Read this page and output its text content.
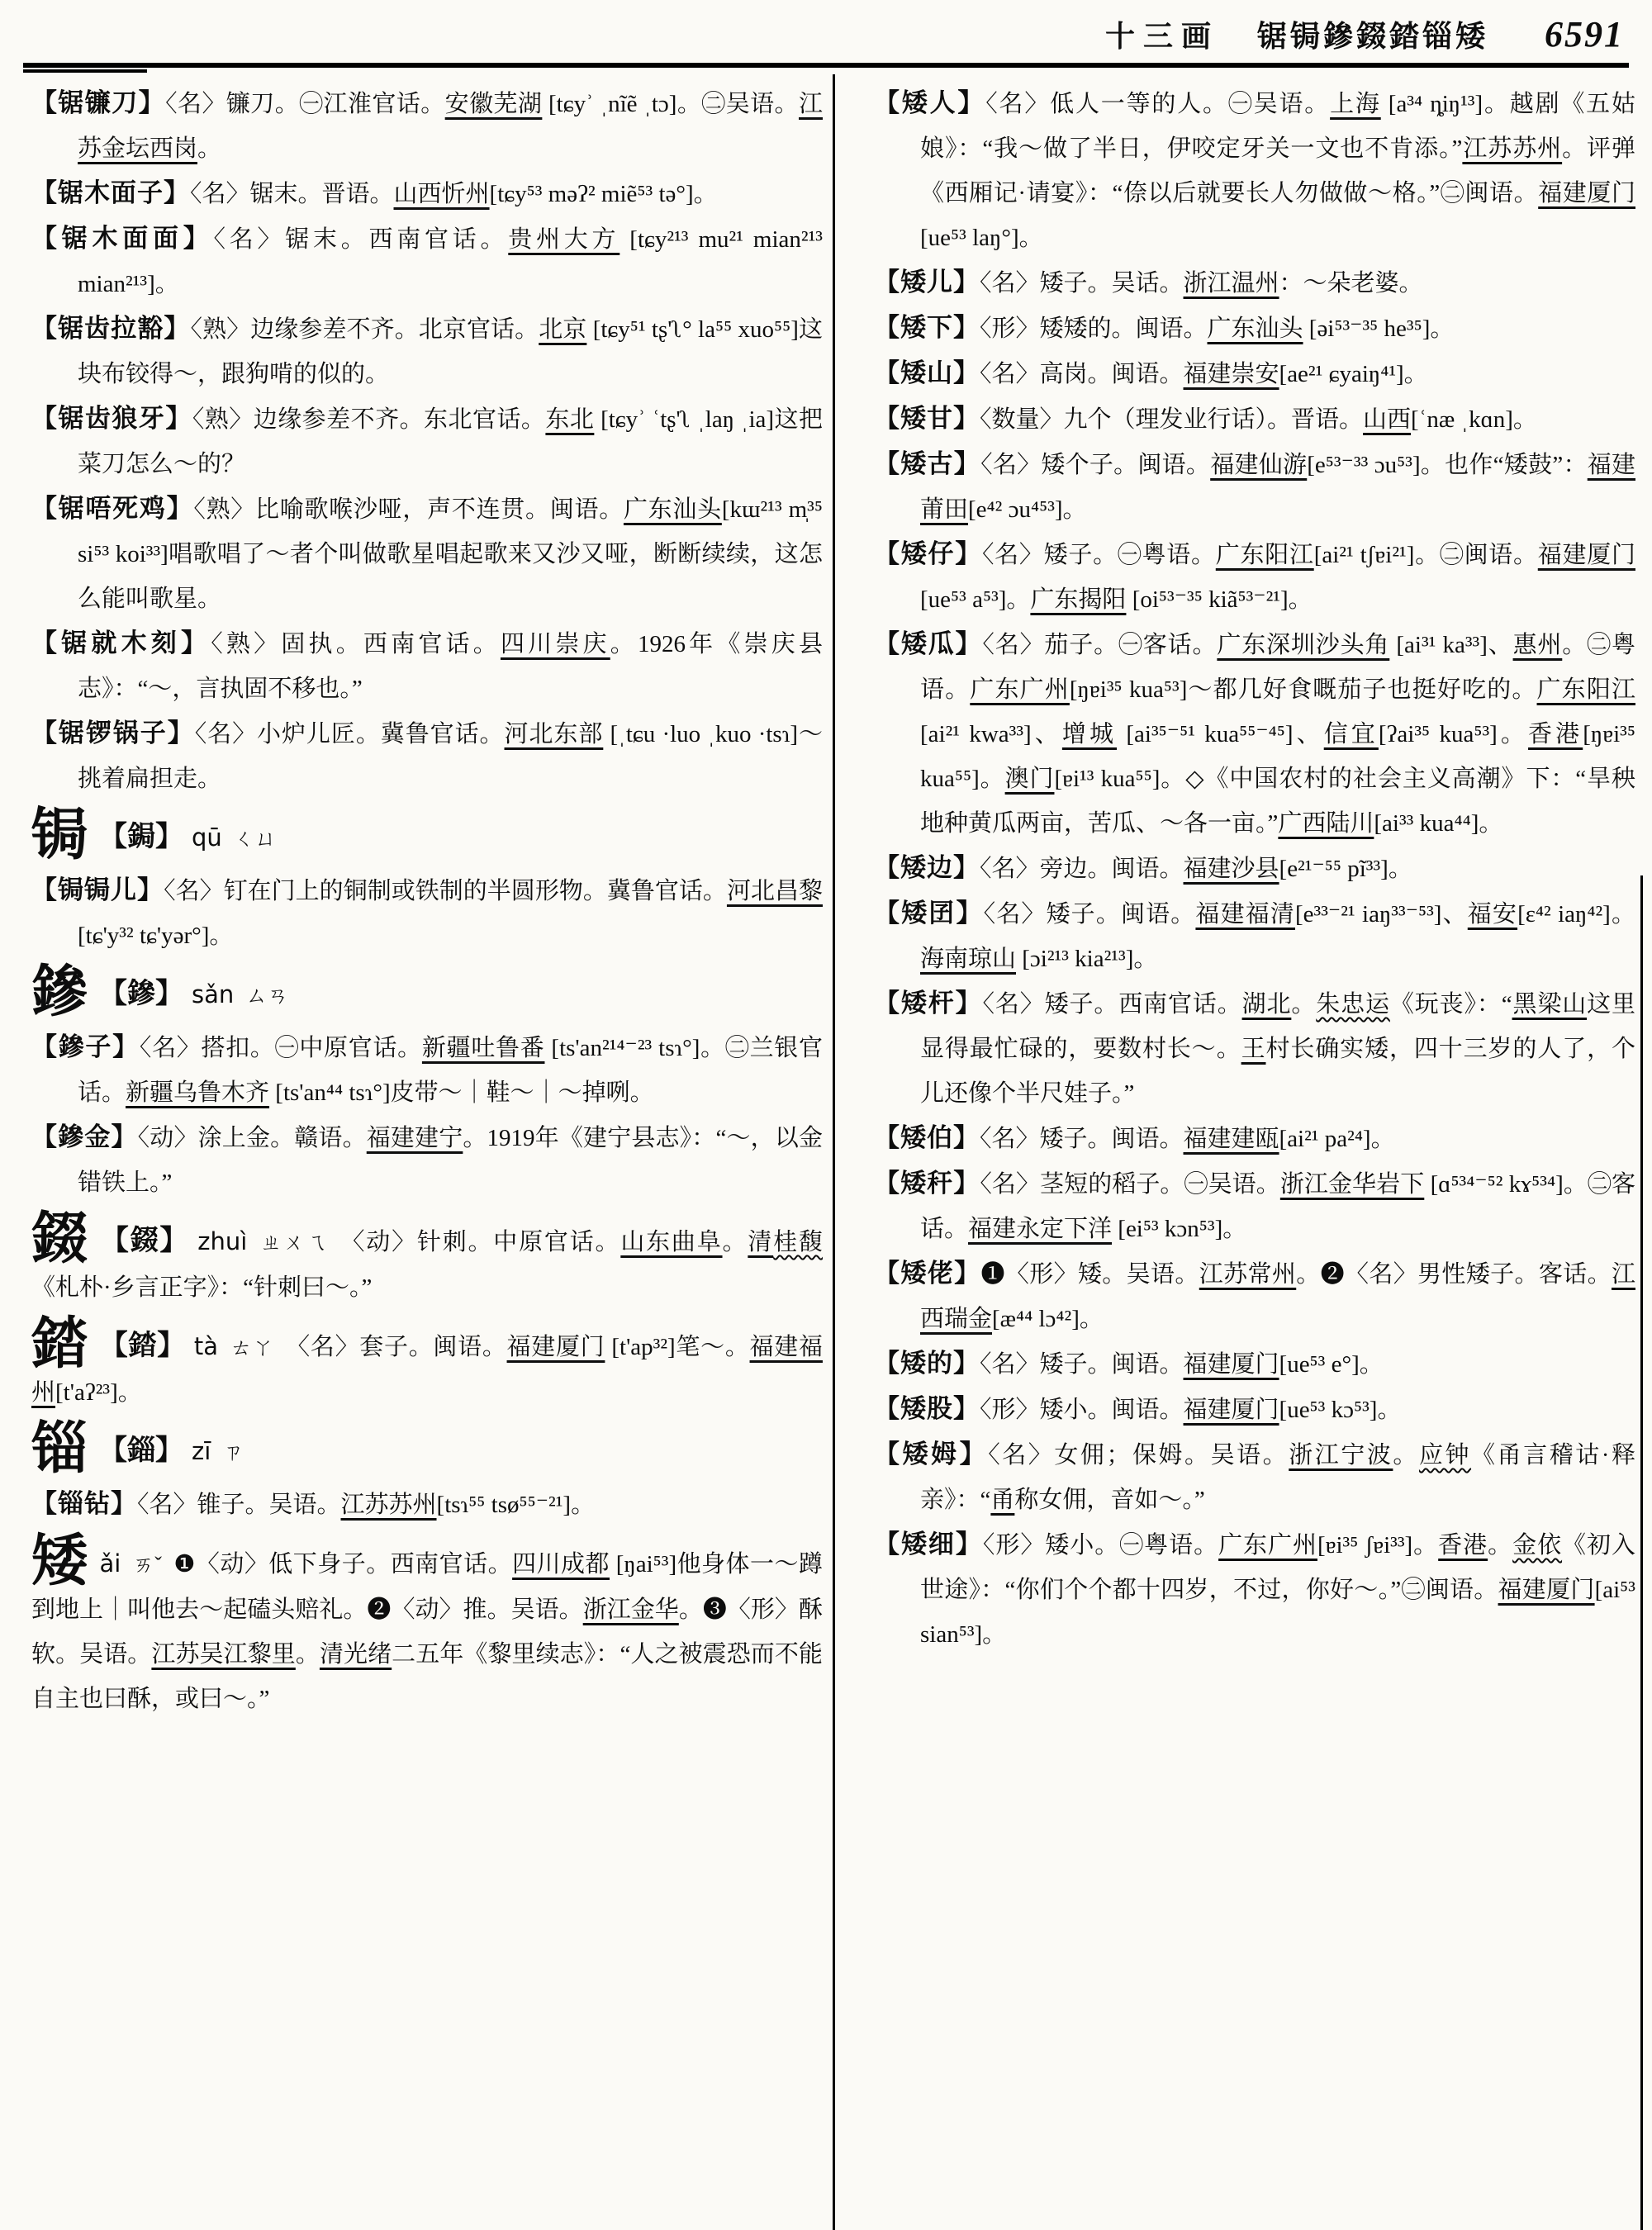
十三画 锯锔鏒錣錔锱矮 6591

【锯镰刀】〈名〉镰刀。㊀江淮官话。安徽芜湖 [tɕyʾ ˌnĩẽ ˌtɔ]。㊁吴语。江苏金坛西岗。

【锯木面子】〈名〉锯末。晋语。山西忻州[tɕy⁵³ məʔ² miẽ⁵³ tə°]。

【锯木面面】〈名〉锯末。西南官话。贵州大方 [tɕy²¹³ mu²¹ mian²¹³ mian²¹³]。

【锯齿拉豁】〈熟〉边缘参差不齐。北京官话。北京 [tɕy⁵¹ tʂ'ʅ° la⁵⁵ xuo⁵⁵]这块布铰得～，跟狗啃的似的。

【锯齿狼牙】〈熟〉边缘参差不齐。东北官话。东北 [tɕyʾ ʿtʂ'ʅ ˌlaŋ ˌia]这把菜刀怎么～的？

【锯唔死鸡】〈熟〉比喻歌喉沙哑，声不连贯。闽语。广东汕头[kɯ²¹³ m̩³⁵ si⁵³ koi³³]唱歌唱了～者个叫做歌星唱起歌来又沙又哑，断断续续，这怎么能叫歌星。

【锯就木刻】〈熟〉固执。西南官话。四川崇庆。1926年《崇庆县志》：“～，言执固不移也。”

【锯锣锅子】〈名〉小炉儿匠。冀鲁官话。河北东部 [ˌtɕu ·luo ˌkuo ·tsɿ]～挑着扁担走。

锔 【鋦】 qū ㄑㄩ

【锔锔儿】〈名〉钉在门上的铜制或铁制的半圆形物。冀鲁官话。河北昌黎[tɕ'y³² tɕ'yər°]。

鏒 【鏒】 sǎn ㄙㄢ

【鏒子】〈名〉搭扣。㊀中原官话。新疆吐鲁番 [ts'an²¹⁴⁻²³ tsɿ°]。㊁兰银官话。新疆乌鲁木齐 [ts'an⁴⁴ tsɿ°]皮带～｜鞋～｜～掉咧。

【鏒金】〈动〉涂上金。赣语。福建建宁。1919年《建宁县志》：“～，以金错铁上。”

錣 【錣】 zhuì ㄓㄨㄟ 〈动〉针刺。中原官话。山东曲阜。清桂馥《札朴·乡言正字》：“针刺曰～。”

錔 【錔】 tà ㄊㄚ 〈名〉套子。闽语。福建厦门 [t'ap³²]笔～。福建福州[t'aʔ²³]。

锱 【錙】 zī ㄗ

【锱钻】〈名〉锥子。吴语。江苏苏州[tsɿ⁵⁵ tsø⁵⁵⁻²¹]。

矮ǎi ㄞˇ ❶〈动〉低下身子。西南官话。四川成都 [ŋai⁵³]他身体一～蹲到地上｜叫他去～起磕头赔礼。❷〈动〉推。吴语。浙江金华。❸〈形〉酥软。吴语。江苏吴江黎里。清光绪二五年《黎里续志》：“人之被震恐而不能自主也曰酥，或曰～。”

【矮人】〈名〉低人一等的人。㊀吴语。上海 [a³⁴ ȵiŋ¹³]。越剧《五姑娘》：“我～做了半日，伊咬定牙关一文也不肯添。”江苏苏州。评弹《西厢记·请宴》：“倷以后就要长人勿做做～格。”㊁闽语。福建厦门 [ue⁵³ laŋ°]。

【矮儿】〈名〉矮子。吴话。浙江温州：～朵老婆。

【矮下】〈形〉矮矮的。闽语。广东汕头 [əi⁵³⁻³⁵ he³⁵]。

【矮山】〈名〉高岗。闽语。福建崇安[ae²¹ ɕyaiŋ⁴¹]。

【矮甘】〈数量〉九个（理发业行话）。晋语。山西[ʿnæ ˌkɑn]。

【矮古】〈名〉矮个子。闽语。福建仙游[e⁵³⁻³³ ɔu⁵³]。也作“矮鼓”：福建莆田[e⁴² ɔu⁴⁵³]。

【矮仔】〈名〉矮子。㊀粤语。广东阳江[ai²¹ tʃɐi²¹]。㊁闽语。福建厦门 [ue⁵³ a⁵³]。广东揭阳 [oi⁵³⁻³⁵ kiã⁵³⁻²¹]。

【矮瓜】〈名〉茄子。㊀客话。广东深圳沙头角 [ai³¹ ka³³]、惠州。㊁粤语。广东广州[ŋɐi³⁵ kua⁵³]～都几好食嘅茄子也挺好吃的。广东阳江[ai²¹ kwa³³]、增城 [ai³⁵⁻⁵¹ kua⁵⁵⁻⁴⁵]、信宜[ʔai³⁵ kua⁵³]。香港[ŋɐi³⁵ kua⁵⁵]。澳门[ɐi¹³ kua⁵⁵]。◇《中国农村的社会主义高潮》下：“旱秧地种黄瓜两亩，苦瓜、～各一亩。”广西陆川[ai³³ kua⁴⁴]。

【矮边】〈名〉旁边。闽语。福建沙县[e²¹⁻⁵⁵ pĩ³³]。

【矮囝】〈名〉矮子。闽语。福建福清[e³³⁻²¹ iaŋ³³⁻⁵³]、福安[ɛ⁴² iaŋ⁴²]。海南琼山 [ɔi²¹³ kia²¹³]。

【矮杆】〈名〉矮子。西南官话。湖北。朱忠运《玩丧》：“黑梁山这里显得最忙碌的，要数村长～。王村长确实矮，四十三岁的人了，个儿还像个半尺娃子。”

【矮伯】〈名〉矮子。闽语。福建建瓯[ai²¹ pa²⁴]。

【矮秆】〈名〉茎短的稻子。㊀吴语。浙江金华岩下 [ɑ⁵³⁴⁻⁵² kɤ⁵³⁴]。㊁客话。福建永定下洋 [ei⁵³ kɔn⁵³]。

【矮佬】❶〈形〉矮。吴语。江苏常州。❷〈名〉男性矮子。客话。江西瑞金[æ⁴⁴ lɔ⁴²]。

【矮的】〈名〉矮子。闽语。福建厦门[ue⁵³ e°]。

【矮股】〈形〉矮小。闽语。福建厦门[ue⁵³ kɔ⁵³]。

【矮姆】〈名〉女佣；保姆。吴语。浙江宁波。应钟《甬言稽诂·释亲》：“甬称女佣，音如～。”

【矮细】〈形〉矮小。㊀粤语。广东广州[ɐi³⁵ ʃɐi³³]。香港。金依《初入世途》：“你们个个都十四岁，不过，你好～。”㊁闽语。福建厦门[ai⁵³ sian⁵³]。
